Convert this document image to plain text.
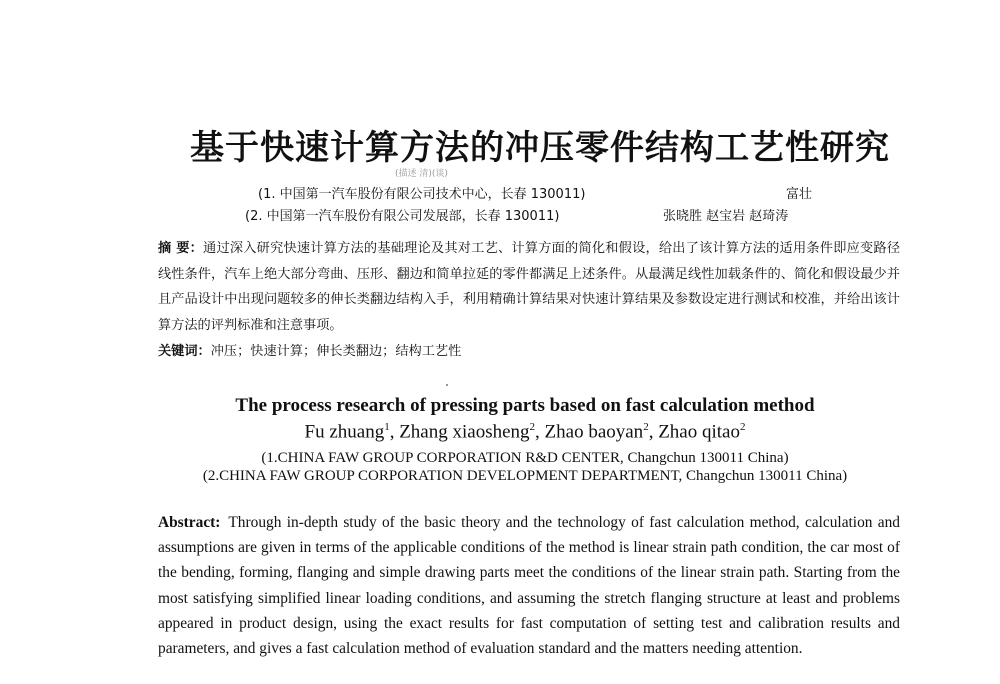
基于快速计算方法的冲压零件结构工艺性研究
(描述 清)(谈)
(1. 中国第一汽车股份有限公司技术中心，长春 130011)	富壮
(2. 中国第一汽车股份有限公司发展部，长春 130011)	张晓胜 赵宝岩 赵琦涛
摘 要：通过深入研究快速计算方法的基础理论及其对工艺、计算方面的简化和假设，给出了该计算方法的适用条件即应变路径线性条件，汽车上绝大部分弯曲、压形、翻边和简单拉延的零件都满足上述条件。从最满足线性加载条件的、简化和假设最少并且产品设计中出现问题较多的伸长类翻边结构入手，利用精确计算结果对快速计算结果及参数设定进行测试和校准，并给出该计算方法的评判标准和注意事项。
关键词：冲压；快速计算；伸长类翻边；结构工艺性
The process research of pressing parts based on fast calculation method
Fu zhuang$^1$, Zhang xiaosheng$^2$, Zhao baoyan$^2$, Zhao qitao$^2$
(1.CHINA FAW GROUP CORPORATION R&D CENTER, Changchun 130011 China)
(2.CHINA FAW GROUP CORPORATION DEVELOPMENT DEPARTMENT, Changchun 130011 China)
Abstract: Through in-depth study of the basic theory and the technology of fast calculation method, calculation and assumptions are given in terms of the applicable conditions of the method is linear strain path condition, the car most of the bending, forming, flanging and simple drawing parts meet the conditions of the linear strain path. Starting from the most satisfying simplified linear loading conditions, and assuming the stretch flanging structure at least and problems appeared in product design, using the exact results for fast computation of setting test and calibration results and parameters, and gives a fast calculation method of evaluation standard and the matters needing attention.
